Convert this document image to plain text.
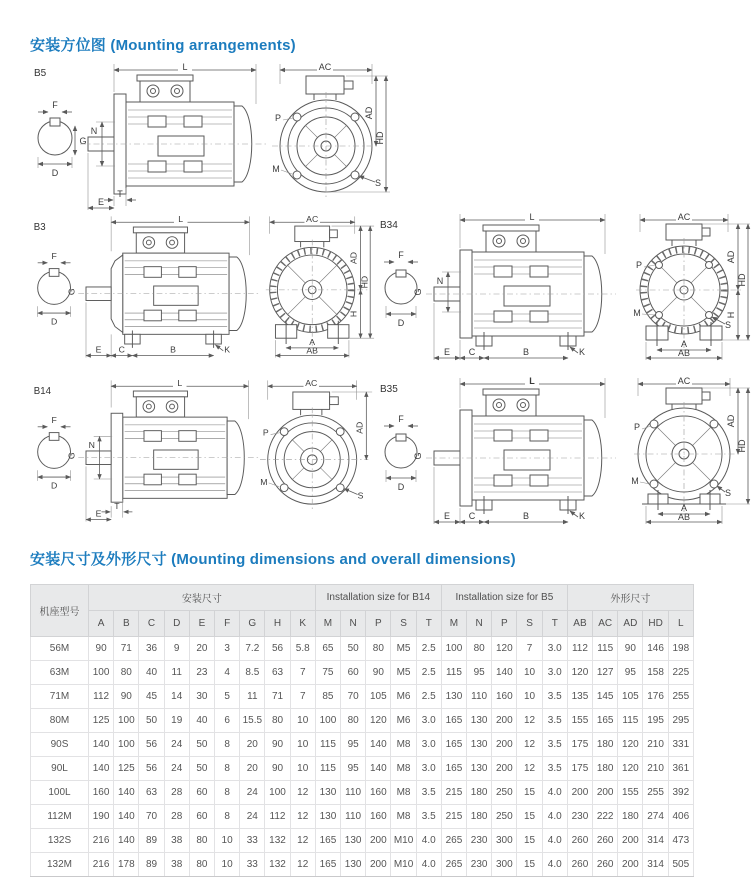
安装方位图 (Mounting arrangements)
B5
F
G
D
L
N
T
E
AC
P
M
S
AD
HD
B3
F
G
D
L
E C	B	K
AC
A
AB
AD
H
HD
B34
F
G
D
L
N
E C	B	K
AC
P
M
S
A
AB
AD
H
HD
B14
F
G
D
L
N
T
E
AC
P
M
S
AD
B35
F
G
D
L
E C	B	K
AC
P
M
S
A
AB
AD
HD
安装尺寸及外形尺寸 (Mounting dimensions and overall dimensions)
机座型号	安装尺寸									Installation size for B14					Installation size for B5					外形尺寸				
	A	B	C	D	E	F	G	H	K	M	N	P	S	T	M	N	P	S	T	AB	AC	AD	HD	L
56M	90	71	36	9	20	3	7.2	56	5.8	65	50	80	M5	2.5	100	80	120	7	3.0	112	115	90	146	198
63M	100	80	40	11	23	4	8.5	63	7	75	60	90	M5	2.5	115	95	140	10	3.0	120	127	95	158	225
71M	112	90	45	14	30	5	11	71	7	85	70	105	M6	2.5	130	110	160	10	3.5	135	145	105	176	255
80M	125	100	50	19	40	6	15.5	80	10	100	80	120	M6	3.0	165	130	200	12	3.5	155	165	115	195	295
90S	140	100	56	24	50	8	20	90	10	115	95	140	M8	3.0	165	130	200	12	3.5	175	180	120	210	331
90L	140	125	56	24	50	8	20	90	10	115	95	140	M8	3.0	165	130	200	12	3.5	175	180	120	210	361
100L	160	140	63	28	60	8	24	100	12	130	110	160	M8	3.5	215	180	250	15	4.0	200	200	155	255	392
112M	190	140	70	28	60	8	24	112	12	130	110	160	M8	3.5	215	180	250	15	4.0	230	222	180	274	406
132S	216	140	89	38	80	10	33	132	12	165	130	200	M10	4.0	265	230	300	15	4.0	260	260	200	314	473
132M	216	178	89	38	80	10	33	132	12	165	130	200	M10	4.0	265	230	300	15	4.0	260	260	200	314	505
